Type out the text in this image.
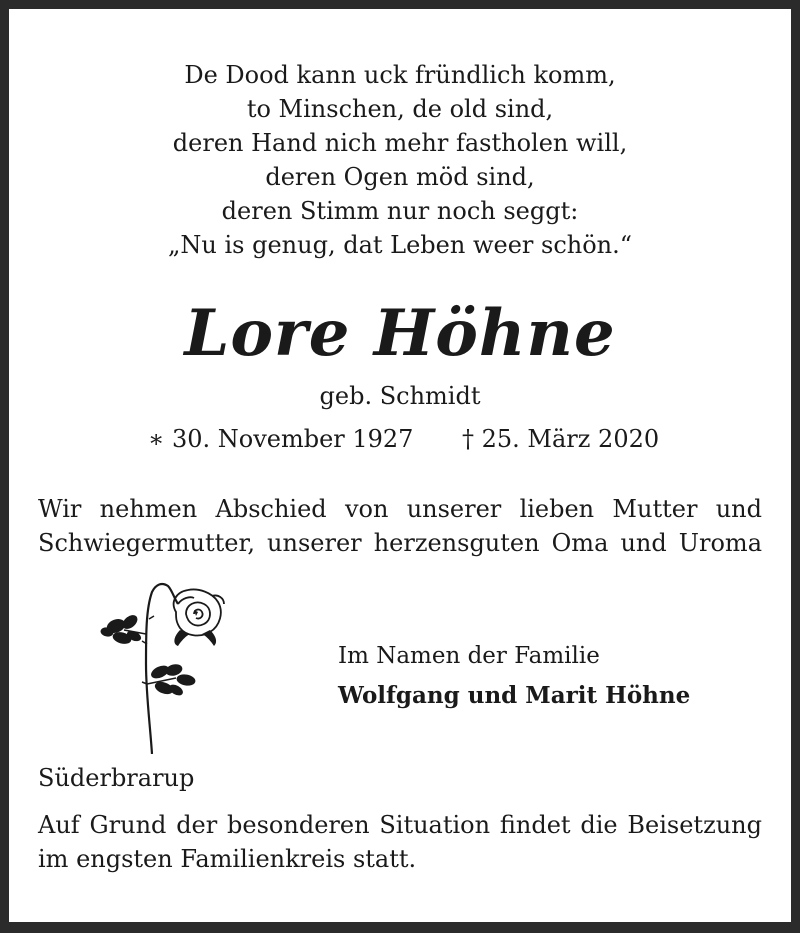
De Dood kann uck fründlich komm,
to Minschen, de old sind,
deren Hand nich mehr fastholen will,
deren Ogen möd sind,
deren Stimm nur noch seggt:
„Nu is genug, dat Leben weer schön.“
Lore Höhne
geb. Schmidt
∗ 30. November 1927 † 25. März 2020
Wir nehmen Abschied von unserer lieben Mutter und
Schwiegermutter, unserer herzensguten Oma und Uroma
Im Namen der Familie
Wolfgang und Marit Höhne
Süderbrarup
Auf Grund der besonderen Situation findet die Beisetzung
im engsten Familienkreis statt.
